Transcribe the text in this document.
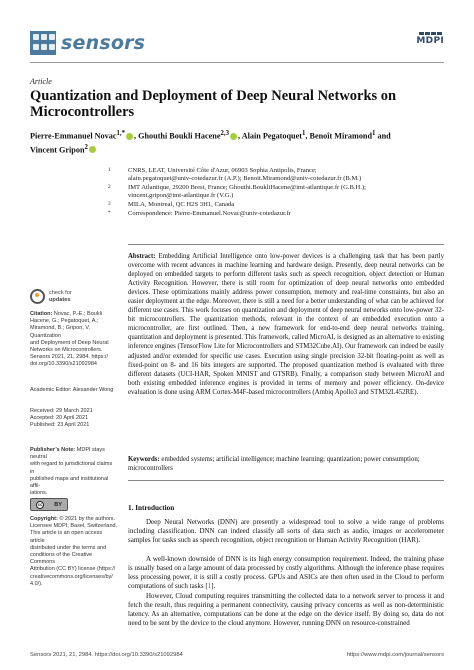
sensors	MDPI
Article
Quantization and Deployment of Deep Neural Networks on Microcontrollers
Pierre-Emmanuel Novac$^{1,*}$ , Ghouthi Boukli Hacene$^{2,3}$ , Alain Pegatoquet$^1$, Benoît Miramond$^1$ and
Vincent Gripon$^2$
1	CNRS, LEAT, Université Côte d'Azur, 06903 Sophia Antipolis, France;
alain.pegatoquet@univ-cotedazur.fr (A.P.); Benoit.Miramond@univ-cotedazur.fr (B.M.)
2	IMT Atlantique, 29200 Brest, France; Ghouthi.BoukliHacene@imt-atlantique.fr (G.B.H.);
vincent.gripon@imt-atlantique.fr (V.G.)
3	MILA, Montreal, QC H2S 3H1, Canada
*	Correspondence: Pierre-Emmanuel.Novac@univ-cotedazur.fr
Abstract: Embedding Artificial Intelligence onto low-power devices is a challenging task that has been partly overcome with recent advances in machine learning and hardware design. Presently, deep neural networks can be deployed on embedded targets to perform different tasks such as speech recognition, object detection or Human Activity Recognition. However, there is still room for optimization of deep neural networks onto embedded devices. These optimizations mainly address power consumption, memory and real-time constraints, but also an easier deployment at the edge. Moreover, there is still a need for a better understanding of what can be achieved for different use cases. This work focuses on quantization and deployment of deep neural networks onto low-power 32-bit microcontrollers. The quantization methods, relevant in the context of an embedded execution onto a microcontroller, are first outlined. Then, a new framework for end-to-end deep neural networks training, quantization and deployment is presented. This framework, called MicroAI, is designed as an alternative to existing inference engines (TensorFlow Lite for Microcontrollers and STM32Cube.AI). Our framework can indeed be easily adjusted and/or extended for specific use cases. Execution using single precision 32-bit floating-point as well as fixed-point on 8- and 16 bits integers are supported. The proposed quantization method is evaluated with three different datasets (UCI-HAR, Spoken MNIST and GTSRB). Finally, a comparison study between MicroAI and both existing embedded inference engines is provided in terms of memory and power efficiency. On-device evaluation is done using ARM Cortex-M4F-based microcontrollers (Ambiq Apollo3 and STM32L452RE).
Keywords: embedded systems; artificial intelligence; machine learning; quantization; power consumption; microcontrollers
check for
updates
Citation: Novac, P.-E.; Boukli
Hacene, G.; Pegatoquet, A.;
Miramond, B.; Gripon, V. Quantization
and Deployment of Deep Neural
Networks on Microcontrollers.
Sensors 2021, 21, 2984. https://
doi.org/10.3390/s21092984
Academic Editor: Alexander Wong
Received: 29 March 2021
Accepted: 20 April 2021
Published: 23 April 2021
Publisher’s Note: MDPI stays neutral
with regard to jurisdictional claims in
published maps and institutional affil-
iations.
cc	BY
Copyright: © 2021 by the authors.
Licensee MDPI, Basel, Switzerland.
This article is an open access article
distributed under the terms and
conditions of the Creative Commons
Attribution (CC BY) license (https://
creativecommons.org/licenses/by/
4.0/).
1. Introduction
Deep Neural Networks (DNN) are presently a widespread tool to solve a wide range of problems including classification. DNN can indeed classify all sorts of data such as audio, images or accelerometer samples for tasks such as speech recognition, object recognition or Human Activity Recognition (HAR).
A well-known downside of DNN is its high energy consumption requirement. Indeed, the training phase is usually based on a large amount of data processed by costly algorithms. Although the inference phase requires less processing power, it is still a costly process. GPUs and ASICs are then often used in the Cloud to perform computations of such tasks [1].
However, Cloud computing requires transmitting the collected data to a network server to process it and fetch the result, thus requiring a permanent connectivity, causing privacy concerns as well as non-deterministic latency. As an alternative, computations can be done at the edge on the device itself. By doing so, data do not need to be sent by the device to the cloud anymore. However, running DNN on resource-constrained
Sensors 2021, 21, 2984. https://doi.org/10.3390/s21092984	https://www.mdpi.com/journal/sensors
